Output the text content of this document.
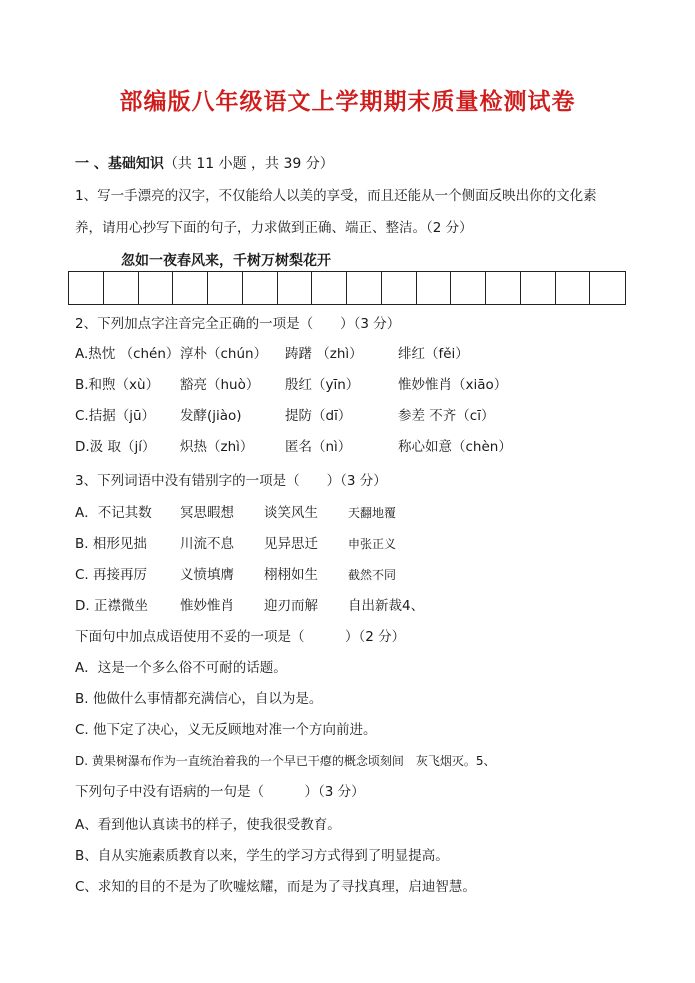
部编版八年级语文上学期期末质量检测试卷
一 、基础知识（共 11 小题 ，共 39 分）
1、写一手漂亮的汉字，不仅能给人以美的享受，而且还能从一个侧面反映出你的文化素
养，请用心抄写下面的句子，力求做到正确、端正、整洁。（2 分）
忽如一夜春风来，千树万树梨花开
2、下列加点字注音完全正确的一项是（　　）（3 分）
A.热忱 （chén） 淳朴（chún） 踌躇 （zhì）	绯红（fěi）
B.和煦（xù） 豁亮（huò） 殷红（yīn）	惟妙惟肖（xiāo）
C.拮据（jū） 发酵(jiào)	提防（dī）	参差 不齐（cī）
D.汲 取（jí） 炽热（zhì） 匿名（nì）	称心如意（chèn）
3、下列词语中没有错别字的一项是（　　）（3 分）
A．不记其数 冥思暇想 谈笑风生	天翻地覆
B. 相形见拙 川流不息 见异思迁	申张正义
C. 再接再厉 义愤填膺 栩栩如生	截然不同
D. 正襟微坐 惟妙惟肖 迎刃而解 自出新裁4、
下面句中加点成语使用不妥的一项是（　　　）（2 分）
A．这是一个多么俗不可耐的话题。
B. 他做什么事情都充满信心，自以为是。
C. 他下定了决心，义无反顾地对准一个方向前进。
D. 黄果树瀑布作为一直统治着我的一个早已干瘪的概念顷刻间　灰飞烟灭。5、
下列句子中没有语病的一句是（　　　）（3 分）
A、看到他认真读书的样子，使我很受教育。
B、自从实施素质教育以来，学生的学习方式得到了明显提高。
C、求知的目的不是为了吹嘘炫耀，而是为了寻找真理，启迪智慧。
